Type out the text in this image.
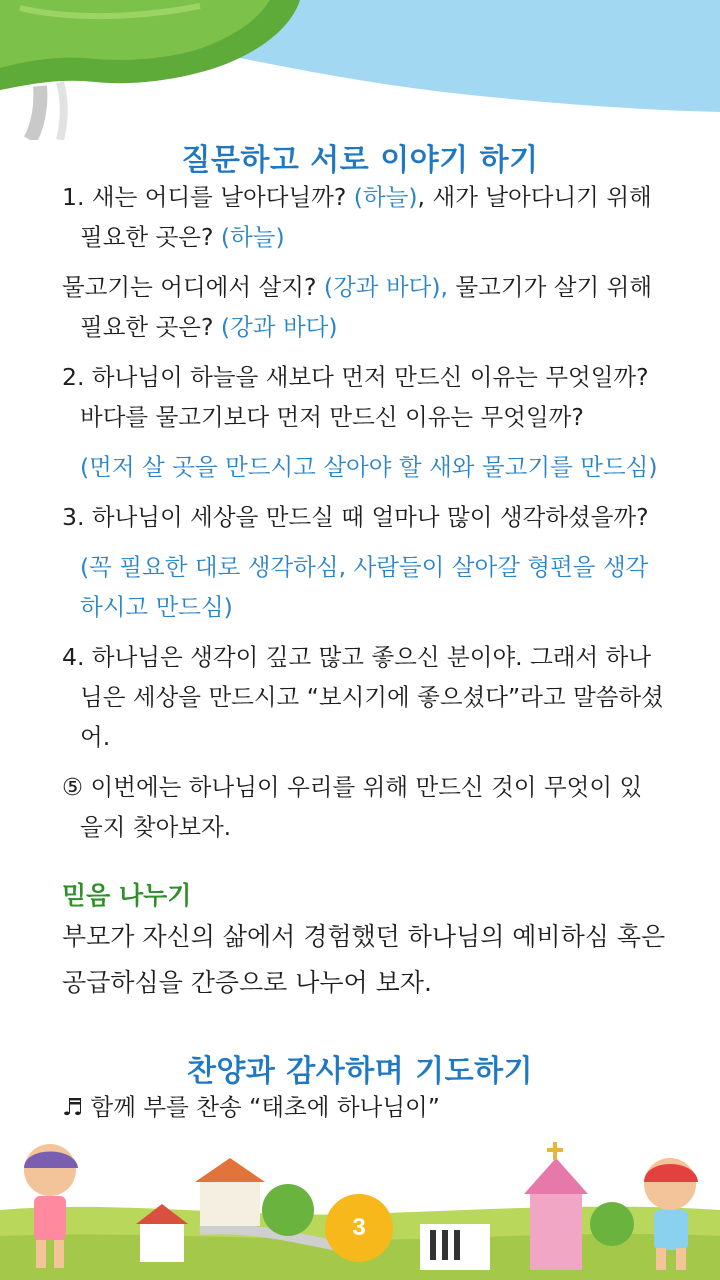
질문하고 서로 이야기 하기
1. 새는 어디를 날아다닐까? (하늘), 새가 날아다니기 위해
필요한 곳은? (하늘)
물고기는 어디에서 살지? (강과 바다), 물고기가 살기 위해
필요한 곳은? (강과 바다)
2. 하나님이 하늘을 새보다 먼저 만드신 이유는 무엇일까?
바다를 물고기보다 먼저 만드신 이유는 무엇일까?
(먼저 살 곳을 만드시고 살아야 할 새와 물고기를 만드심)
3. 하나님이 세상을 만드실 때 얼마나 많이 생각하셨을까?
(꼭 필요한 대로 생각하심, 사람들이 살아갈 형편을 생각
하시고 만드심)
4. 하나님은 생각이 깊고 많고 좋으신 분이야. 그래서 하나
님은 세상을 만드시고 “보시기에 좋으셨다”라고 말씀하셨
어.
⑤ 이번에는 하나님이 우리를 위해 만드신 것이 무엇이 있
을지 찾아보자.
믿음 나누기
부모가 자신의 삶에서 경험했던 하나님의 예비하심 혹은
공급하심을 간증으로 나누어 보자.
찬양과 감사하며 기도하기
♬ 함께 부를 찬송 “태초에 하나님이”
3
